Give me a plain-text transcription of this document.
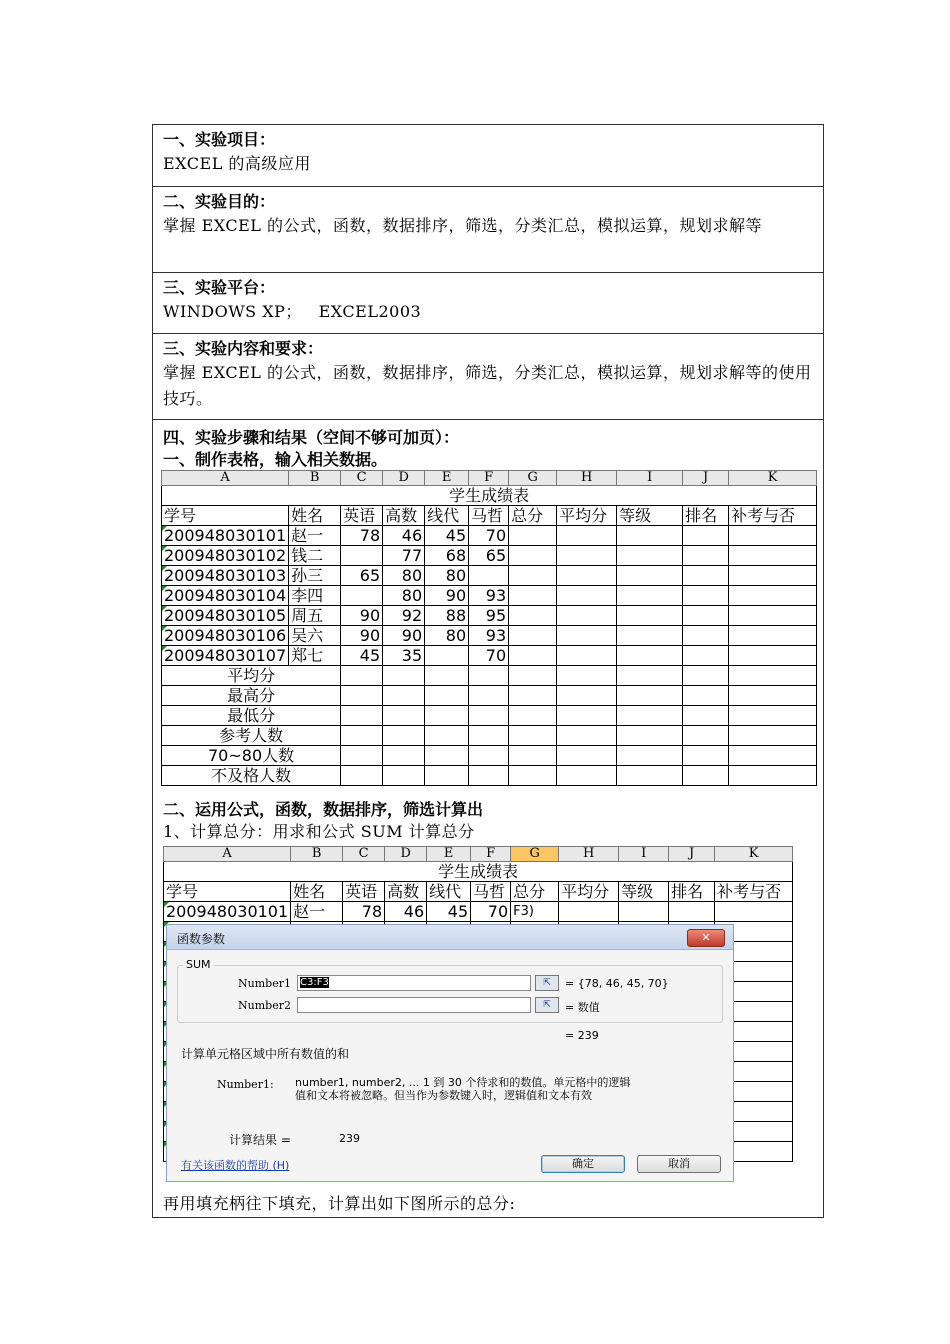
一、实验项目：
EXCEL 的高级应用
二、实验目的：
掌握 EXCEL 的公式，函数，数据排序，筛选，分类汇总，模拟运算，规划求解等
三、实验平台：
WINDOWS XP；   EXCEL2003
三、实验内容和要求：
掌握 EXCEL 的公式，函数，数据排序，筛选，分类汇总，模拟运算，规划求解等的使用技巧。
四、实验步骤和结果（空间不够可加页）：
一、制作表格，输入相关数据。
二、运用公式，函数，数据排序，筛选计算出
1、计算总分：用求和公式 SUM 计算总分
再用填充柄往下填充，计算出如下图所示的总分:
A	B	C	D	E	F	G	H	I	J	K
学生成绩表										
学号	姓名	英语	高数	线代	马哲	总分	平均分	等级	排名	补考与否
200948030101	赵一	78	46	45	70					
200948030102	钱二		77	68	65					
200948030103	孙三	65	80	80						
200948030104	李四		80	90	93					
200948030105	周五	90	92	88	95					
200948030106	吴六	90	90	80	93					
200948030107	郑七	45	35		70					
平均分										
最高分										
最低分										
参考人数										
70~80人数										
不及格人数										
A	B	C	D	E	F	G	H	I	J	K
学生成绩表										
学号	姓名	英语	高数	线代	马哲	总分	平均分	等级	排名	补考与否
200948030101	赵一	78	46	45	70	F3)				

函数参数	✕
SUM
Number1 C3:F3	⇱	= {78, 46, 45, 70}
Number2	⇱	= 数值
= 239
计算单元格区域中所有数值的和
Number1: number1, number2, ... 1 到 30 个待求和的数值。单元格中的逻辑
值和文本将被忽略。但当作为参数键入时，逻辑值和文本有效
计算结果 =	239
有关该函数的帮助 (H)	确定	取消
